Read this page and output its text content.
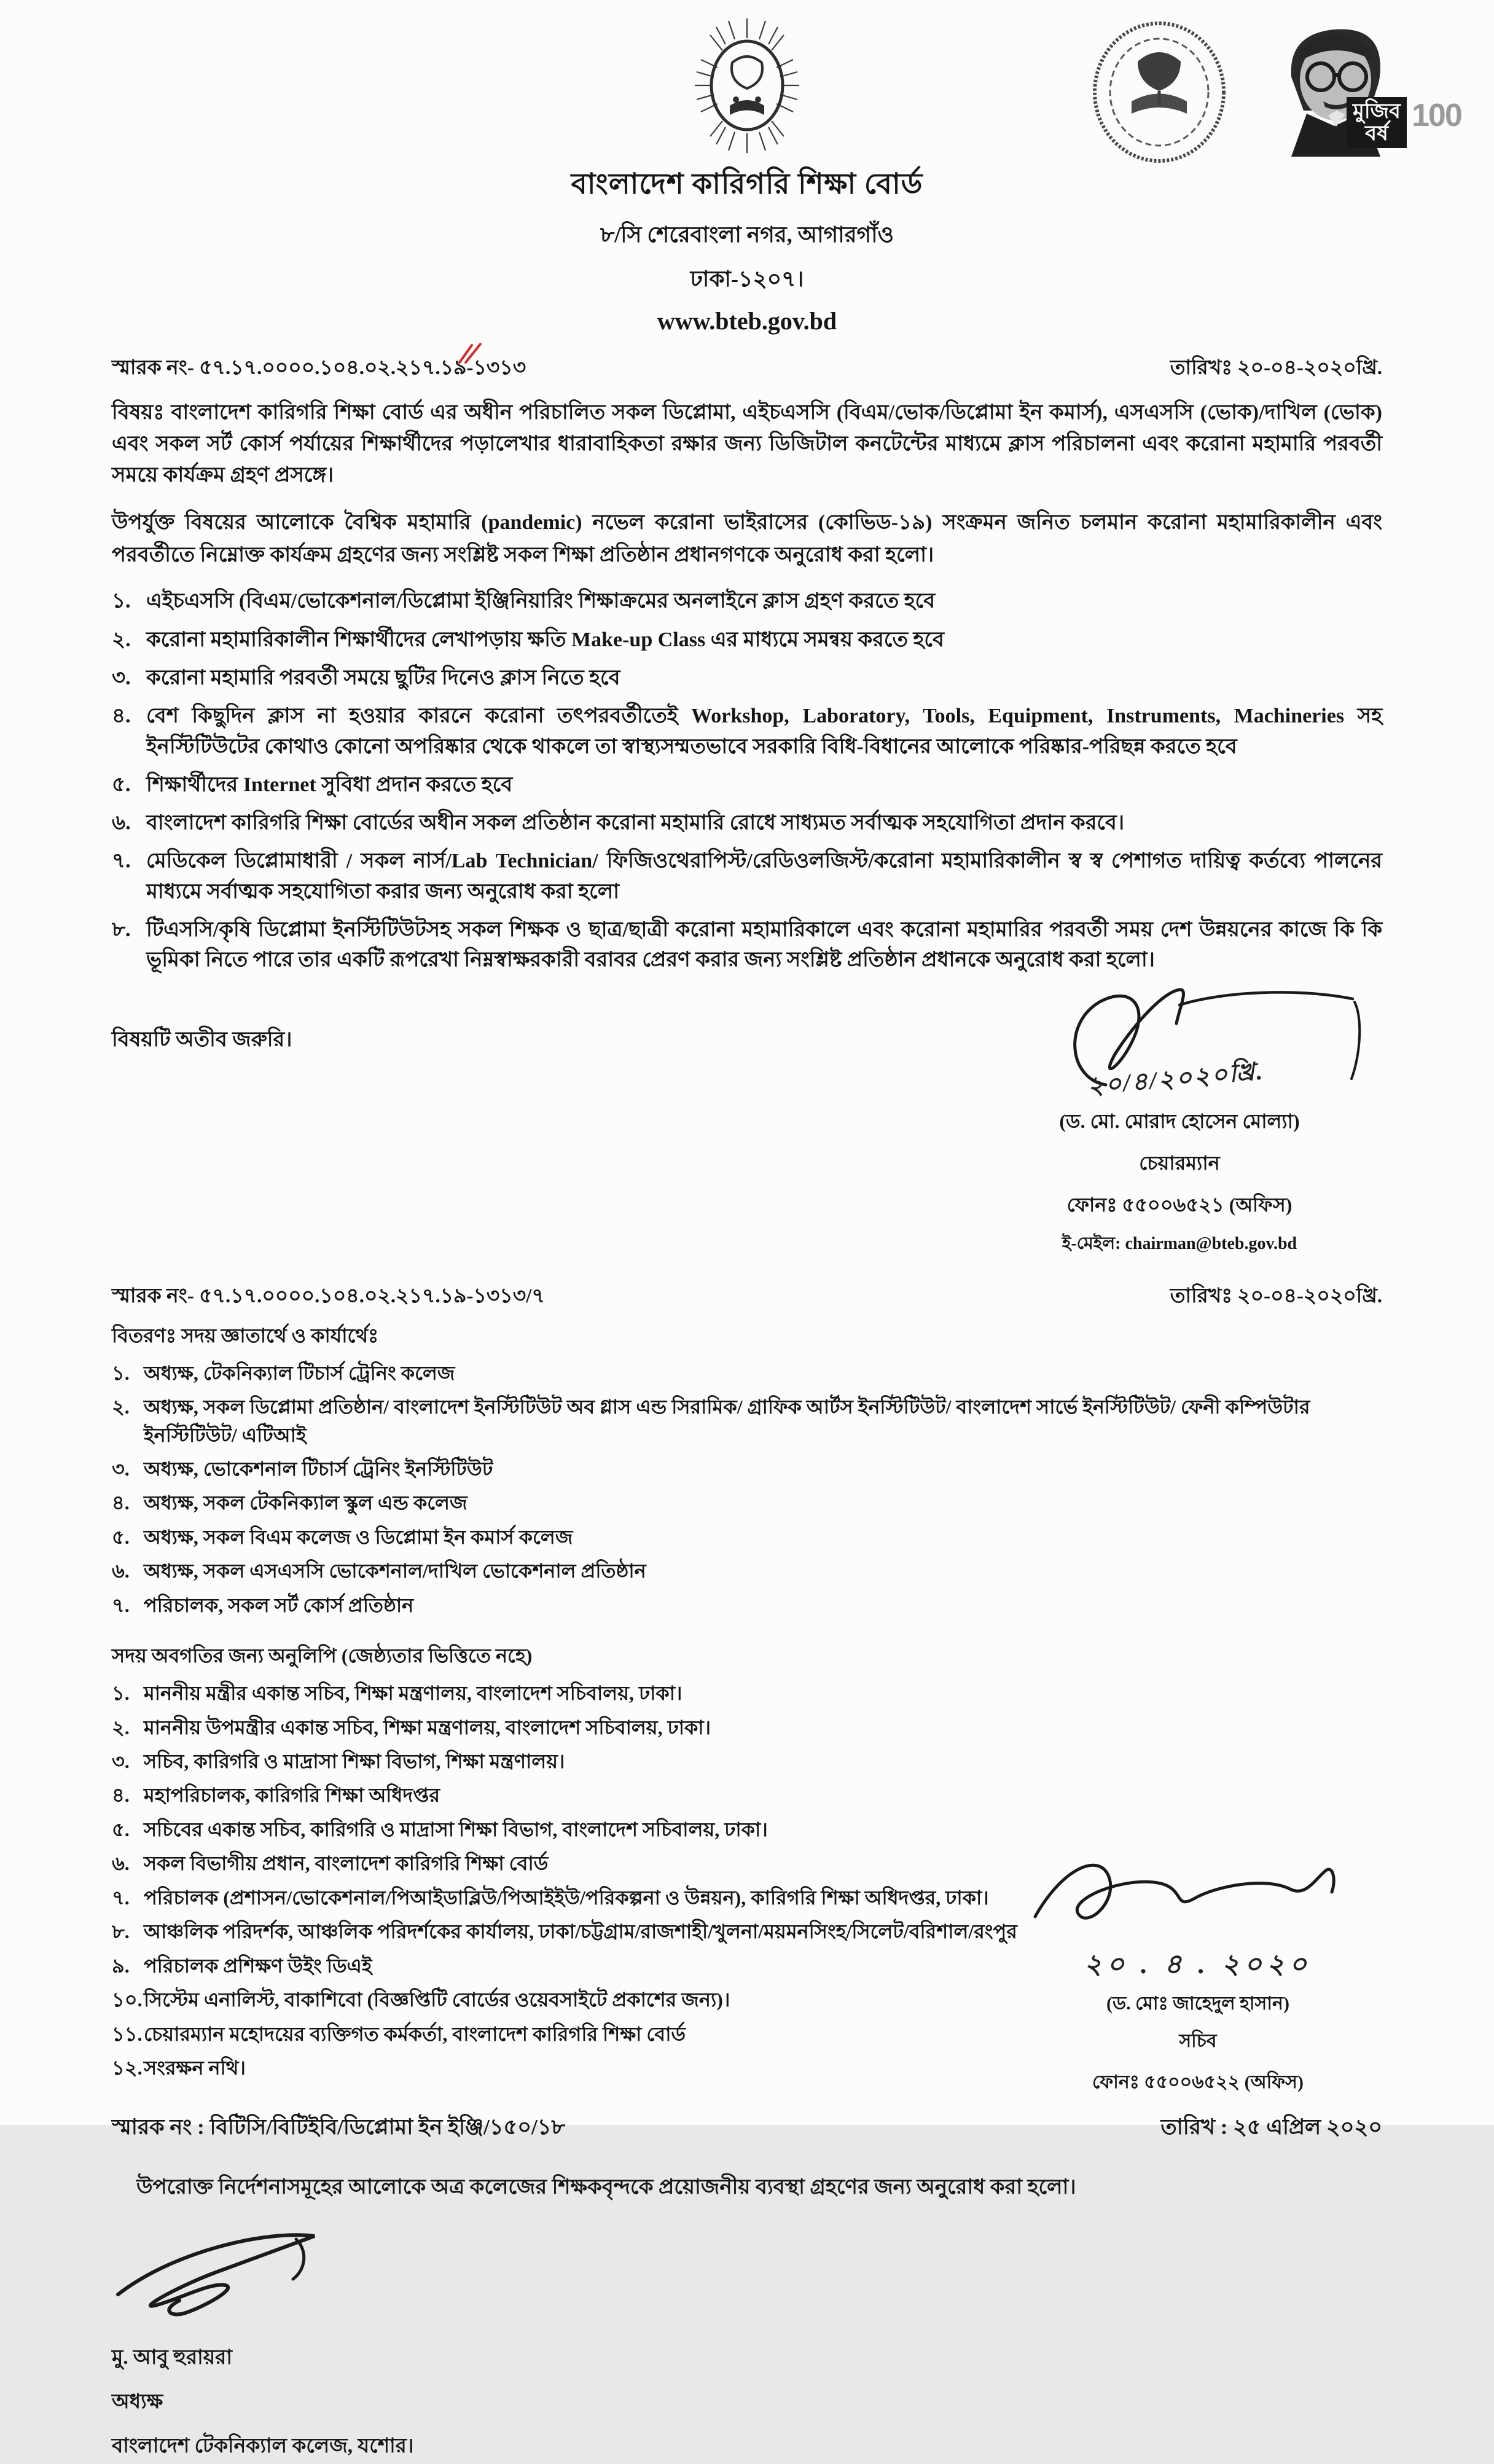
মুজিব
বর্ষ
100
বাংলাদেশ কারিগরি শিক্ষা বোর্ড
৮/সি শেরেবাংলা নগর, আগারগাঁও
ঢাকা-১২০৭।
www.bteb.gov.bd
স্মারক নং- ৫৭.১৭.০০০০.১০৪.০২.২১৭.১৯-১৩১৩	তারিখঃ ২০-০৪-২০২০খ্রি.

বিষয়ঃ বাংলাদেশ কারিগরি শিক্ষা বোর্ড এর অধীন পরিচালিত সকল ডিপ্লোমা, এইচএসসি (বিএম/ভোক/ডিপ্লোমা ইন কমার্স), এসএসসি (ভোক)/দাখিল (ভোক) এবং সকল সর্ট কোর্স পর্যায়ের শিক্ষার্থীদের পড়ালেখার ধারাবাহিকতা রক্ষার জন্য ডিজিটাল কনটেন্টের মাধ্যমে ক্লাস পরিচালনা এবং করোনা মহামারি পরবর্তী সময়ে কার্যক্রম গ্রহণ প্রসঙ্গে।

উপর্যুক্ত বিষয়ের আলোকে বৈশ্বিক মহামারি (pandemic) নভেল করোনা ভাইরাসের (কোভিড-১৯) সংক্রমন জনিত চলমান করোনা মহামারিকালীন এবং পরবর্তীতে নিম্নোক্ত কার্যক্রম গ্রহণের জন্য সংশ্লিষ্ট সকল শিক্ষা প্রতিষ্ঠান প্রধানগণকে অনুরোধ করা হলো।

১. এইচএসসি (বিএম/ভোকেশনাল/ডিপ্লোমা ইঞ্জিনিয়ারিং শিক্ষাক্রমের অনলাইনে ক্লাস গ্রহণ করতে হবে
২. করোনা মহামারিকালীন শিক্ষার্থীদের লেখাপড়ায় ক্ষতি Make-up Class এর মাধ্যমে সমন্বয় করতে হবে
৩. করোনা মহামারি পরবর্তী সময়ে ছুটির দিনেও ক্লাস নিতে হবে
৪. বেশ কিছুদিন ক্লাস না হওয়ার কারনে করোনা তৎপরবর্তীতেই Workshop, Laboratory, Tools, Equipment, Instruments, Machineries সহ ইনস্টিটিউটের কোথাও কোনো অপরিষ্কার থেকে থাকলে তা স্বাস্থ্যসম্মতভাবে সরকারি বিধি-বিধানের আলোকে পরিষ্কার-পরিছন্ন করতে হবে
৫. শিক্ষার্থীদের Internet সুবিধা প্রদান করতে হবে
৬. বাংলাদেশ কারিগরি শিক্ষা বোর্ডের অধীন সকল প্রতিষ্ঠান করোনা মহামারি রোধে সাধ্যমত সর্বাত্মক সহযোগিতা প্রদান করবে।
৭. মেডিকেল ডিপ্লোমাধারী / সকল নার্স/Lab Technician/ ফিজিওথেরাপিস্ট/রেডিওলজিস্ট/করোনা মহামারিকালীন স্ব স্ব পেশাগত দায়িত্ব কর্তব্যে পালনের মাধ্যমে সর্বাত্মক সহযোগিতা করার জন্য অনুরোধ করা হলো
৮. টিএসসি/কৃষি ডিপ্লোমা ইনস্টিটিউটসহ সকল শিক্ষক ও ছাত্র/ছাত্রী করোনা মহামারিকালে এবং করোনা মহামারির পরবর্তী সময় দেশ উন্নয়নের কাজে কি কি ভূমিকা নিতে পারে তার একটি রূপরেখা নিম্নস্বাক্ষরকারী বরাবর প্রেরণ করার জন্য সংশ্লিষ্ট প্রতিষ্ঠান প্রধানকে অনুরোধ করা হলো।
বিষয়টি অতীব জরুরি।
২০/৪/২০২০খ্রি.
(ড. মো. মোরাদ হোসেন মোল্যা)
চেয়ারম্যান
ফোনঃ ৫৫০০৬৫২১ (অফিস)
ই-মেইল: chairman@bteb.gov.bd
স্মারক নং- ৫৭.১৭.০০০০.১০৪.০২.২১৭.১৯-১৩১৩/৭	তারিখঃ ২০-০৪-২০২০খ্রি.
বিতরণঃ সদয় জ্ঞাতার্থে ও কার্যার্থেঃ
১. অধ্যক্ষ, টেকনিক্যাল টিচার্স ট্রেনিং কলেজ
২. অধ্যক্ষ, সকল ডিপ্লোমা প্রতিষ্ঠান/ বাংলাদেশ ইনস্টিটিউট অব গ্লাস এন্ড সিরামিক/ গ্রাফিক আর্টস ইনস্টিটিউট/ বাংলাদেশ সার্ভে ইনস্টিটিউট/ ফেনী কম্পিউটার ইনস্টিটিউট/ এটিআই
৩. অধ্যক্ষ, ভোকেশনাল টিচার্স ট্রেনিং ইনস্টিটিউট
৪. অধ্যক্ষ, সকল টেকনিক্যাল স্কুল এন্ড কলেজ
৫. অধ্যক্ষ, সকল বিএম কলেজ ও ডিপ্লোমা ইন কমার্স কলেজ
৬. অধ্যক্ষ, সকল এসএসসি ভোকেশনাল/দাখিল ভোকেশনাল প্রতিষ্ঠান
৭. পরিচালক, সকল সর্ট কোর্স প্রতিষ্ঠান
সদয় অবগতির জন্য অনুলিপি (জেষ্ঠ্যতার ভিত্তিতে নহে)
১. মাননীয় মন্ত্রীর একান্ত সচিব, শিক্ষা মন্ত্রণালয়, বাংলাদেশ সচিবালয়, ঢাকা।
২. মাননীয় উপমন্ত্রীর একান্ত সচিব, শিক্ষা মন্ত্রণালয়, বাংলাদেশ সচিবালয়, ঢাকা।
৩. সচিব, কারিগরি ও মাদ্রাসা শিক্ষা বিভাগ, শিক্ষা মন্ত্রণালয়।
৪. মহাপরিচালক, কারিগরি শিক্ষা অধিদপ্তর
৫. সচিবের একান্ত সচিব, কারিগরি ও মাদ্রাসা শিক্ষা বিভাগ, বাংলাদেশ সচিবালয়, ঢাকা।
৬. সকল বিভাগীয় প্রধান, বাংলাদেশ কারিগরি শিক্ষা বোর্ড
৭. পরিচালক (প্রশাসন/ভোকেশনাল/পিআইডাব্লিউ/পিআইইউ/পরিকল্পনা ও উন্নয়ন), কারিগরি শিক্ষা অধিদপ্তর, ঢাকা।
৮. আঞ্চলিক পরিদর্শক, আঞ্চলিক পরিদর্শকের কার্যালয়, ঢাকা/চট্টগ্রাম/রাজশাহী/খুলনা/ময়মনসিংহ/সিলেট/বরিশাল/রংপুর
৯. পরিচালক প্রশিক্ষণ উইং ডিএই
১০. সিস্টেম এনালিস্ট, বাকাশিবো (বিজ্ঞপ্তিটি বোর্ডের ওয়েবসাইটে প্রকাশের জন্য)।
১১. চেয়ারম্যান মহোদয়ের ব্যক্তিগত কর্মকর্তা, বাংলাদেশ কারিগরি শিক্ষা বোর্ড
১২. সংরক্ষন নথি।
২০ . ৪ . ২০২০
(ড. মোঃ জাহেদুল হাসান)
সচিব
ফোনঃ ৫৫০০৬৫২২ (অফিস)
স্মারক নং : বিটিসি/বিটিইবি/ডিপ্লোমা ইন ইঞ্জি/১৫০/১৮	তারিখ : ২৫ এপ্রিল ২০২০

উপরোক্ত নির্দেশনাসমূহের আলোকে অত্র কলেজের শিক্ষকবৃন্দকে প্রয়োজনীয় ব্যবস্থা গ্রহণের জন্য অনুরোধ করা হলো।

মু. আবু হুরায়রা
অধ্যক্ষ
বাংলাদেশ টেকনিক্যাল কলেজ, যশোর।
